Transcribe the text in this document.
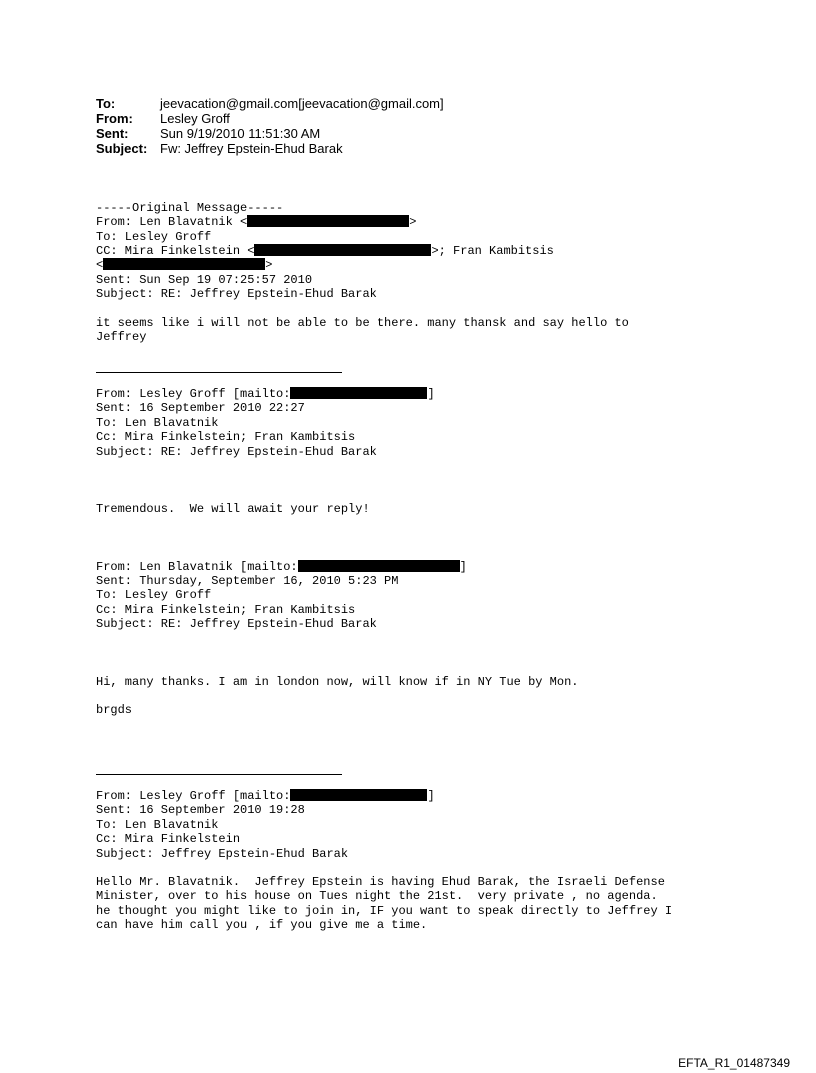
To:	jeevacation@gmail.com[jeevacation@gmail.com]
From:	Lesley Groff
Sent:	Sun 9/19/2010 11:51:30 AM
Subject: Fw: Jeffrey Epstein-Ehud Barak
-----Original Message-----
From: Len Blavatnik <	>
To: Lesley Groff
CC: Mira Finkelstein <	>; Fran Kambitsis
<	>
Sent: Sun Sep 19 07:25:57 2010
Subject: RE: Jeffrey Epstein-Ehud Barak
it seems like i will not be able to be there. many thansk and say hello to
Jeffrey
From: Lesley Groff [mailto:	]
Sent: 16 September 2010 22:27
To: Len Blavatnik
Cc: Mira Finkelstein; Fran Kambitsis
Subject: RE: Jeffrey Epstein-Ehud Barak
Tremendous.  We will await your reply!
From: Len Blavatnik [mailto:	]
Sent: Thursday, September 16, 2010 5:23 PM
To: Lesley Groff
Cc: Mira Finkelstein; Fran Kambitsis
Subject: RE: Jeffrey Epstein-Ehud Barak
Hi, many thanks. I am in london now, will know if in NY Tue by Mon.
brgds
From: Lesley Groff [mailto:	]
Sent: 16 September 2010 19:28
To: Len Blavatnik
Cc: Mira Finkelstein
Subject: Jeffrey Epstein-Ehud Barak
Hello Mr. Blavatnik.  Jeffrey Epstein is having Ehud Barak, the Israeli Defense
Minister, over to his house on Tues night the 21st.  very private , no agenda.
he thought you might like to join in, IF you want to speak directly to Jeffrey I
can have him call you , if you give me a time.
EFTA_R1_01487349
